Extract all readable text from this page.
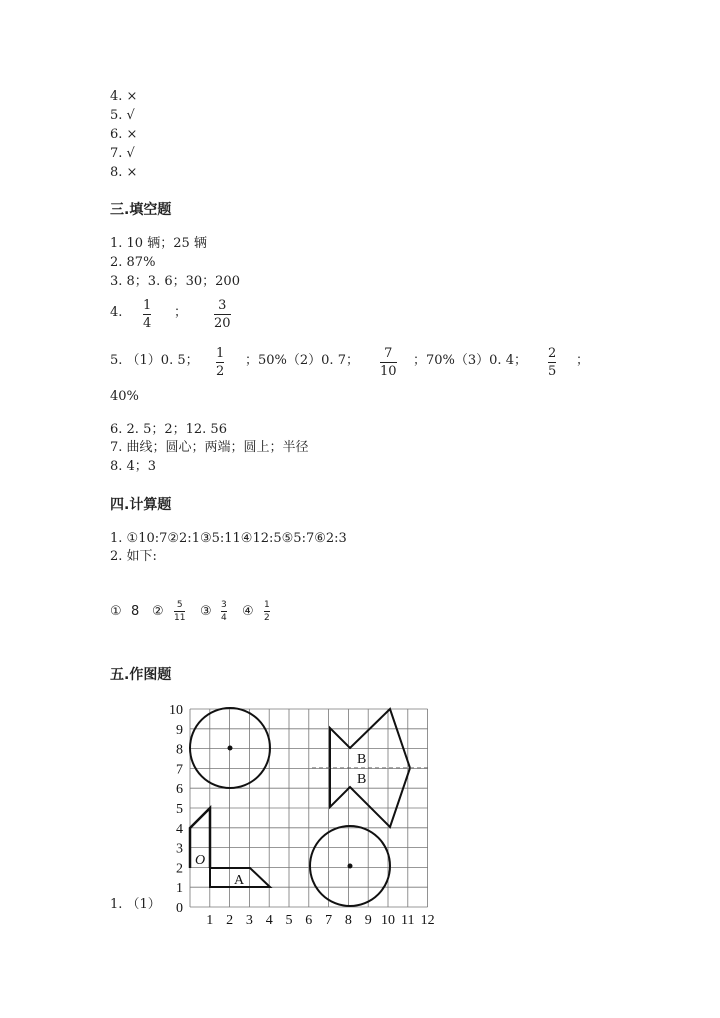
4. ×
5. √
6. ×
7. √
8. ×
三.填空题
1. 10 辆；25 辆
2. 87%
3. 8；3. 6；30；200
4. 1
4
； 3
20
5. （1）0. 5； 1
2
；50%（2）0. 7； 7
10
；70%（3）0. 4； 2
5
；
40%
6. 2. 5；2；12. 56
7. 曲线；圆心；两端；圆上；半径
8. 4；3
四.计算题
1. ①10:7②2:1③5:11④12:5⑤5:7⑥2:3
2. 如下:
① 8 ② 5
11 ③ 3
4 ④ 1
2
五.作图题
1. （1）
1 2 3 4 5 6 7 8 9 10 11 12
0
1
2
3
4
5
6
7
8
9
10
B
B
A
O
